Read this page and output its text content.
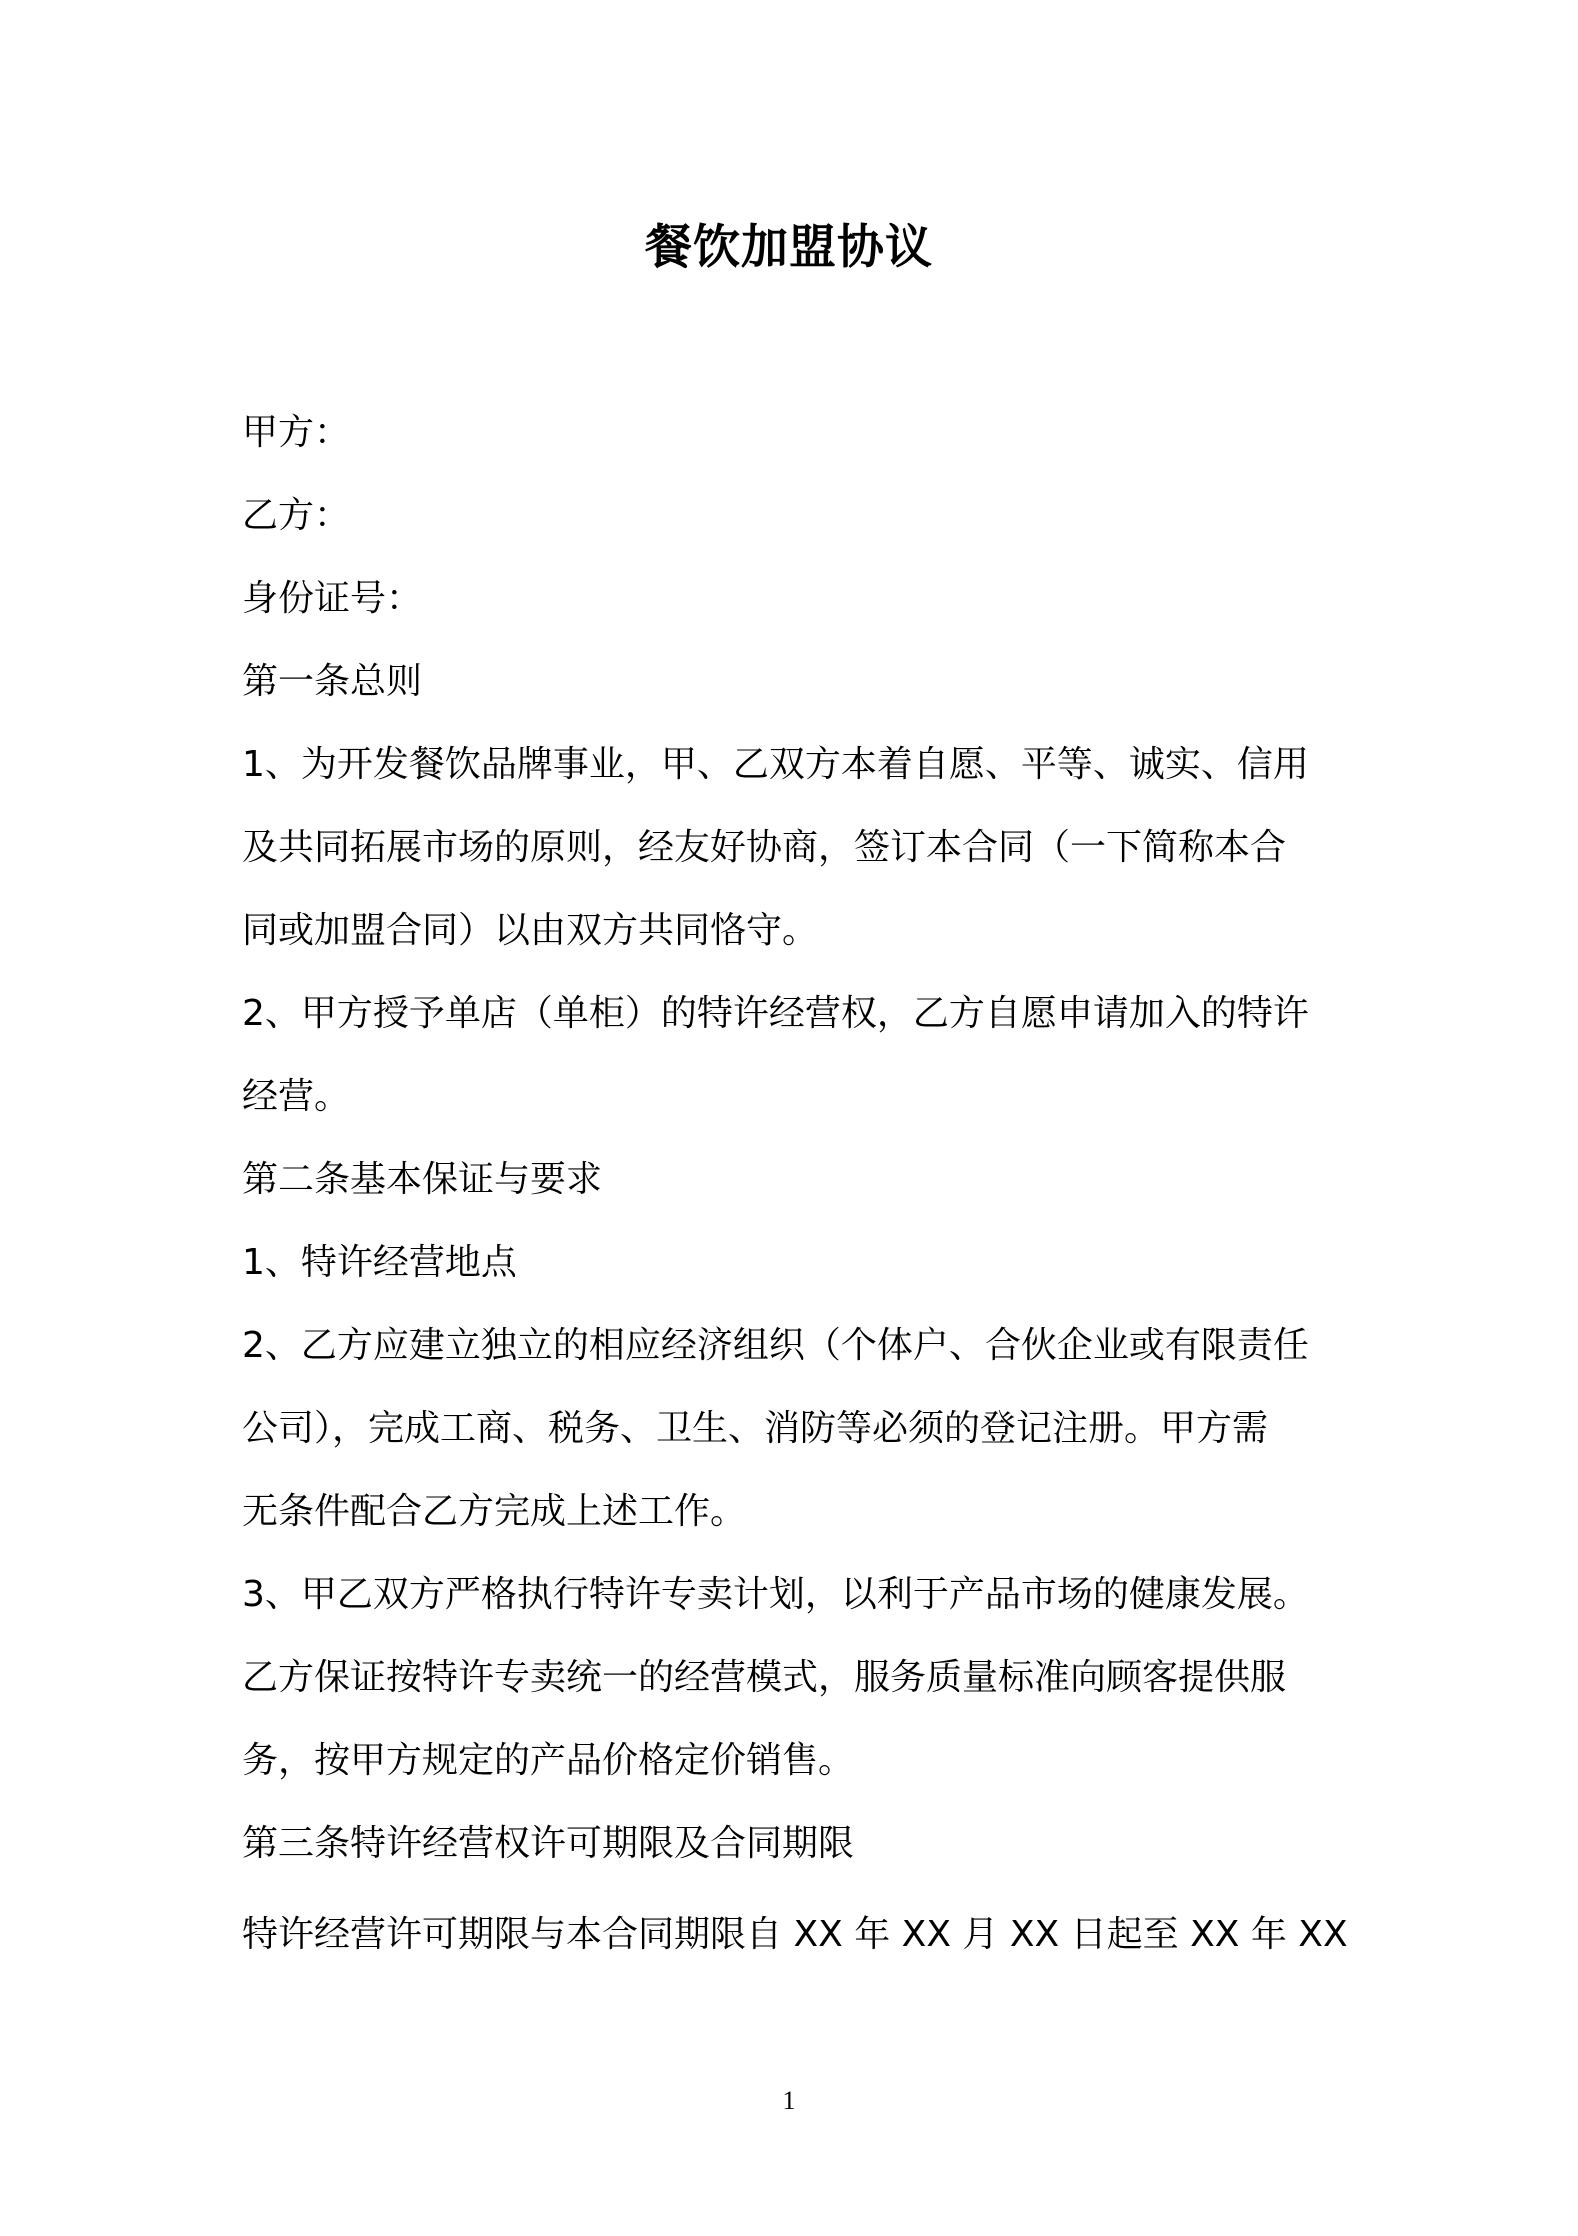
餐饮加盟协议
甲方：
乙方：
身份证号：
第一条总则
1、为开发餐饮品牌事业，甲、乙双方本着自愿、平等、诚实、信用
及共同拓展市场的原则，经友好协商，签订本合同（一下简称本合
同或加盟合同）以由双方共同恪守。
2、甲方授予单店（单柜）的特许经营权，乙方自愿申请加入的特许
经营。
第二条基本保证与要求
1、特许经营地点
2、乙方应建立独立的相应经济组织（个体户、合伙企业或有限责任
公司），完成工商、税务、卫生、消防等必须的登记注册。甲方需
无条件配合乙方完成上述工作。
3、甲乙双方严格执行特许专卖计划，以利于产品市场的健康发展。
乙方保证按特许专卖统一的经营模式，服务质量标准向顾客提供服
务，按甲方规定的产品价格定价销售。
第三条特许经营权许可期限及合同期限
特许经营许可期限与本合同期限自 XX 年 XX 月 XX 日起至 XX 年 XX
1
